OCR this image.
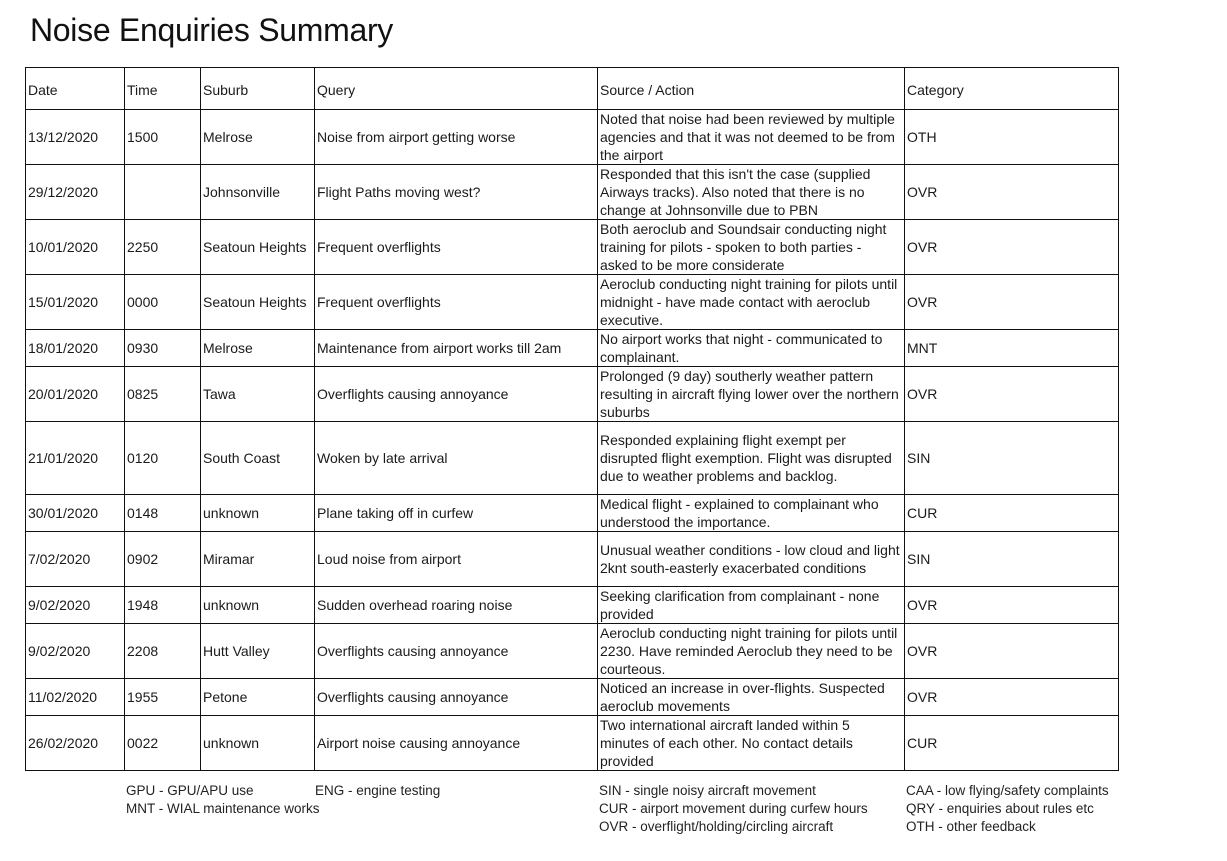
Noise Enquiries Summary
Date	Time	Suburb	Query	Source / Action	Category
13/12/2020	1500	Melrose	Noise from airport getting worse	Noted that noise had been reviewed by multiple agencies and that it was not deemed to be from the airport	OTH
29/12/2020		Johnsonville	Flight Paths moving west?	Responded that this isn't the case (supplied Airways tracks). Also noted that there is no change at Johnsonville due to PBN	OVR
10/01/2020	2250	Seatoun Heights	Frequent overflights	Both aeroclub and Soundsair conducting night training for pilots - spoken to both parties - asked to be more considerate	OVR
15/01/2020	0000	Seatoun Heights	Frequent overflights	Aeroclub conducting night training for pilots until midnight - have made contact with aeroclub executive.	OVR
18/01/2020	0930	Melrose	Maintenance from airport works till 2am	No airport works that night - communicated to complainant.	MNT
20/01/2020	0825	Tawa	Overflights causing annoyance	Prolonged (9 day) southerly weather pattern resulting in aircraft flying lower over the northern suburbs	OVR
21/01/2020	0120	South Coast	Woken by late arrival	Responded explaining flight exempt per disrupted flight exemption. Flight was disrupted due to weather problems and backlog.	SIN
30/01/2020	0148	unknown	Plane taking off in curfew	Medical flight - explained to complainant who understood the importance.	CUR
7/02/2020	0902	Miramar	Loud noise from airport	Unusual weather conditions - low cloud and light 2knt south-easterly exacerbated conditions	SIN
9/02/2020	1948	unknown	Sudden overhead roaring noise	Seeking clarification from complainant - none provided	OVR
9/02/2020	2208	Hutt Valley	Overflights causing annoyance	Aeroclub conducting night training for pilots until 2230. Have reminded Aeroclub they need to be courteous.	OVR
11/02/2020	1955	Petone	Overflights causing annoyance	Noticed an increase in over-flights. Suspected aeroclub movements	OVR
26/02/2020	0022	unknown	Airport noise causing annoyance	Two international aircraft landed within 5 minutes of each other. No contact details provided	CUR
GPU - GPU/APU use
MNT - WIAL maintenance works
ENG - engine testing	SIN - single noisy aircraft movement
CUR - airport movement during curfew hours
OVR - overflight/holding/circling aircraft
CAA - low flying/safety complaints
QRY - enquiries about rules etc
OTH - other feedback
